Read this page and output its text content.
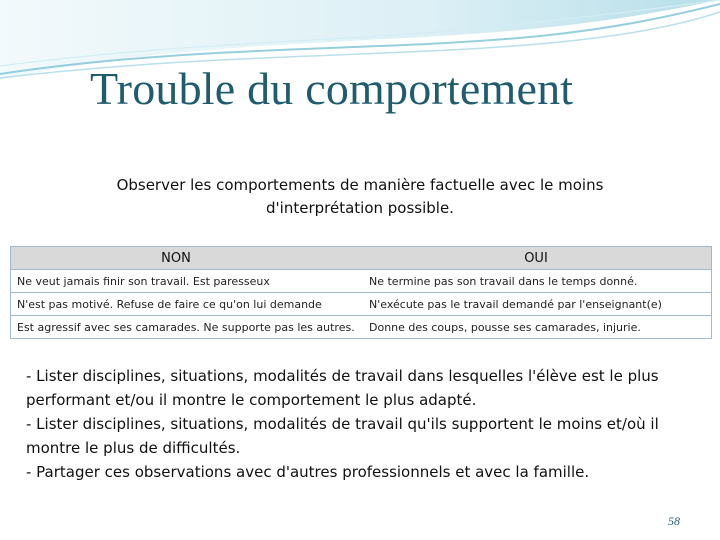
Trouble du comportement
Observer les comportements de manière factuelle avec le moins
d'interprétation possible.
NON	OUI
Ne veut jamais finir son travail. Est paresseux	Ne termine pas son travail dans le temps donné.
N'est pas motivé. Refuse de faire ce qu'on lui demande	N'exécute pas le travail demandé par l'enseignant(e)
Est agressif avec ses camarades. Ne supporte pas les autres.	Donne des coups, pousse ses camarades, injurie.
- Lister disciplines, situations, modalités de travail dans lesquelles l'élève est le plus performant et/ou il montre le comportement le plus adapté.
- Lister disciplines, situations, modalités de travail qu'ils supportent le moins et/où il montre le plus de difficultés.
- Partager ces observations avec d'autres professionnels et avec la famille.
58
